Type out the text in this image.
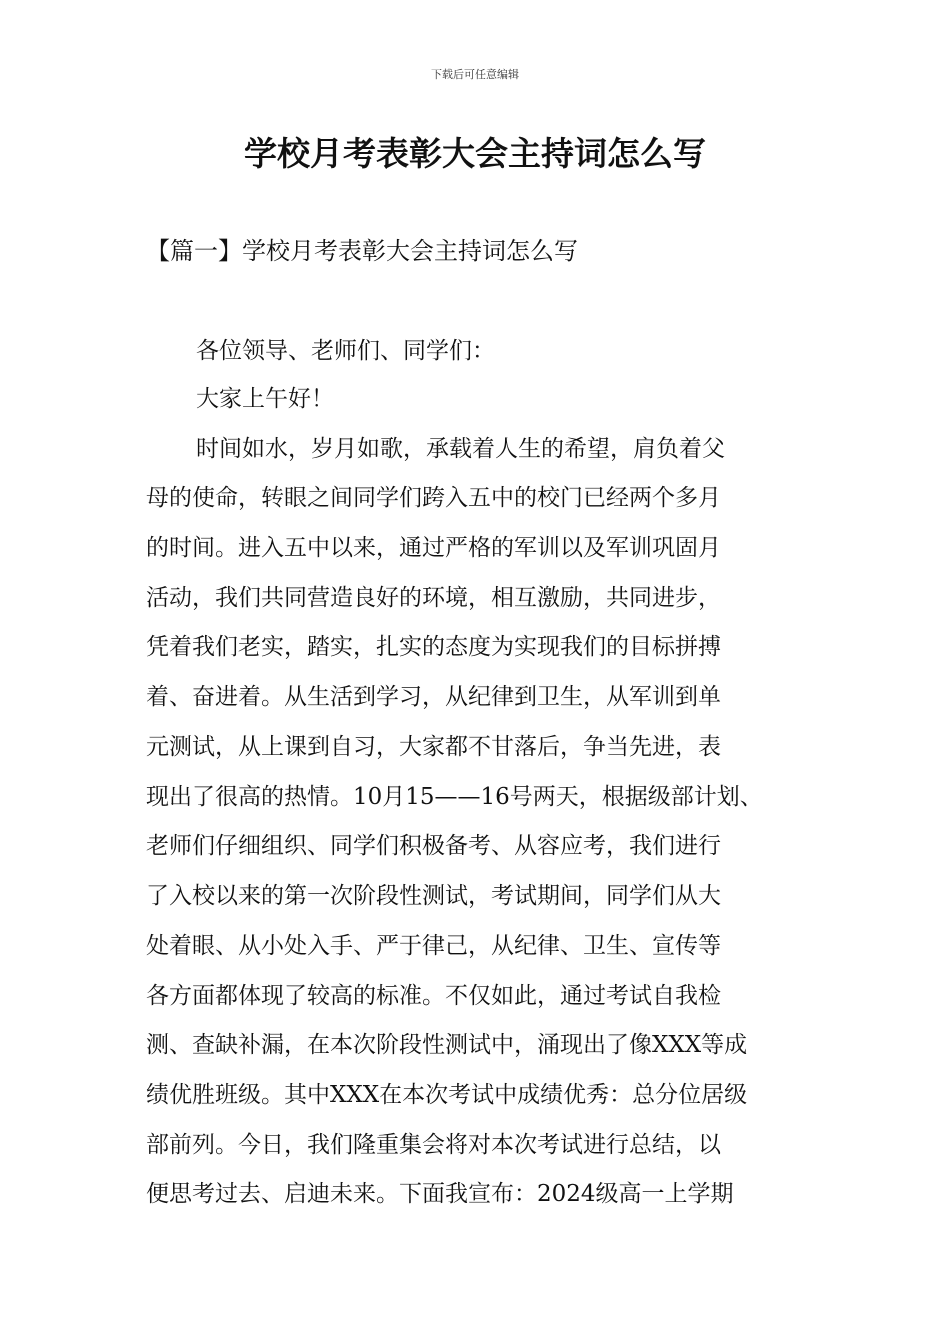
下载后可任意编辑
学校月考表彰大会主持词怎么写
【篇一】学校月考表彰大会主持词怎么写
各位领导、老师们、同学们：
大家上午好！
时间如水，岁月如歌，承载着人生的希望，肩负着父
母的使命，转眼之间同学们跨入五中的校门已经两个多月
的时间。进入五中以来，通过严格的军训以及军训巩固月
活动，我们共同营造良好的环境，相互激励，共同进步，
凭着我们老实，踏实，扎实的态度为实现我们的目标拼搏
着、奋进着。从生活到学习，从纪律到卫生，从军训到单
元测试，从上课到自习，大家都不甘落后，争当先进，表
现出了很高的热情。10月15——16号两天，根据级部计划、
老师们仔细组织、同学们积极备考、从容应考，我们进行
了入校以来的第一次阶段性测试，考试期间，同学们从大
处着眼、从小处入手、严于律己，从纪律、卫生、宣传等
各方面都体现了较高的标准。不仅如此，通过考试自我检
测、查缺补漏，在本次阶段性测试中，涌现出了像XXX等成
绩优胜班级。其中XXX在本次考试中成绩优秀：总分位居级
部前列。今日，我们隆重集会将对本次考试进行总结，以
便思考过去、启迪未来。下面我宣布：2024级高一上学期
